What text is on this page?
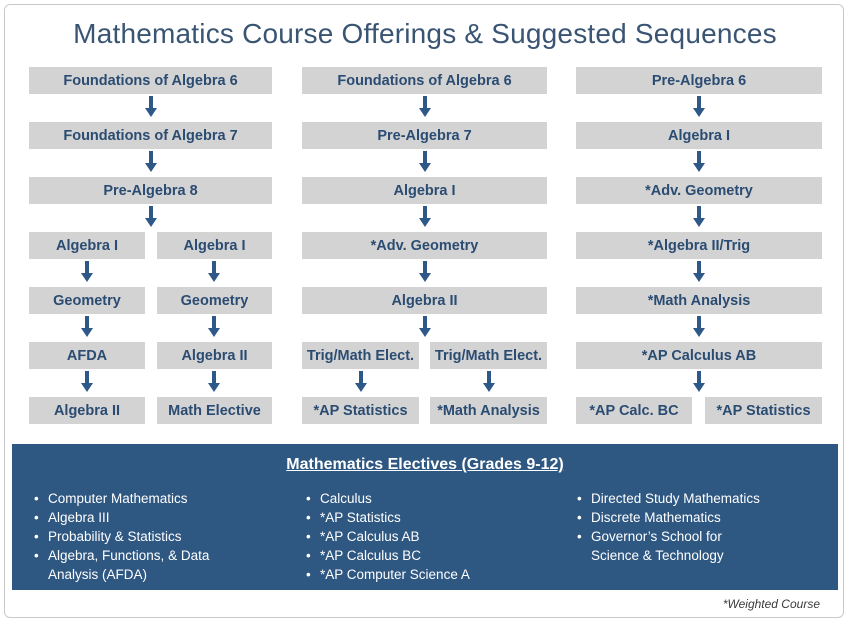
Mathematics Course Offerings & Suggested Sequences
Foundations of Algebra 6
Foundations of Algebra 7
Pre-Algebra 8
Algebra I
Geometry
AFDA
Algebra II
Algebra I
Geometry
Algebra II
Math Elective
Foundations of Algebra 6
Pre-Algebra 7
Algebra I
*Adv. Geometry
Algebra II
Trig/Math Elect.	Trig/Math Elect.
*AP Statistics	*Math Analysis
Pre-Algebra 6
Algebra I
*Adv. Geometry
*Algebra II/Trig
*Math Analysis
*AP Calculus AB
*AP Calc. BC	*AP Statistics
Mathematics Electives (Grades 9-12)
• Computer Mathematics
• Algebra III
• Probability & Statistics
• Algebra, Functions, & Data Analysis (AFDA)
• Calculus
• *AP Statistics
• *AP Calculus AB
• *AP Calculus BC
• *AP Computer Science A
• Directed Study Mathematics
• Discrete Mathematics
• Governor’s School for Science & Technology
*Weighted Course
